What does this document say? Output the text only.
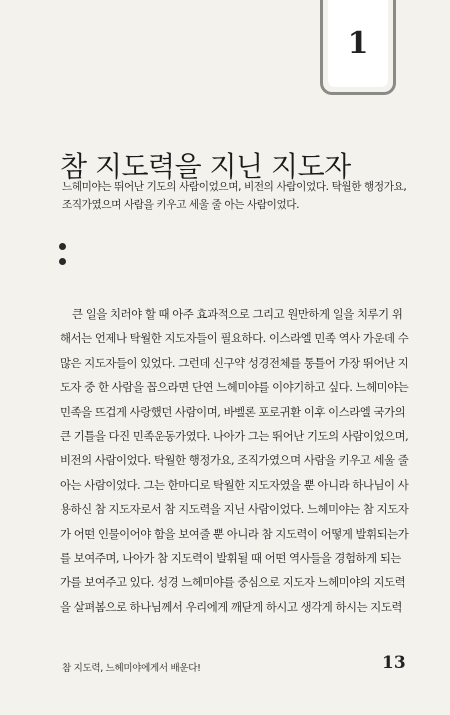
1
참 지도력을 지닌 지도자
느헤미야는 뛰어난 기도의 사람이었으며, 비전의 사람이었다. 탁월한 행정가요,
조직가였으며 사람을 키우고 세울 줄 아는 사람이었다.
큰 일을 치러야 할 때 아주 효과적으로 그리고 원만하게 일을 치루기 위
해서는 언제나 탁월한 지도자들이 필요하다. 이스라엘 민족 역사 가운데 수
많은 지도자들이 있었다. 그런데 신구약 성경전체를 통틀어 가장 뛰어난 지
도자 중 한 사람을 꼽으라면 단연 느헤미야를 이야기하고 싶다. 느헤미야는
민족을 뜨겁게 사랑했던 사람이며, 바벨론 포로귀환 이후 이스라엘 국가의
큰 기틀을 다진 민족운동가였다. 나아가 그는 뛰어난 기도의 사람이었으며,
비전의 사람이었다. 탁월한 행정가요, 조직가였으며 사람을 키우고 세울 줄
아는 사람이었다. 그는 한마디로 탁월한 지도자였을 뿐 아니라 하나님이 사
용하신 참 지도자로서 참 지도력을 지닌 사람이었다. 느헤미야는 참 지도자
가 어떤 인물이어야 함을 보여줄 뿐 아니라 참 지도력이 어떻게 발휘되는가
를 보여주며, 나아가 참 지도력이 발휘될 때 어떤 역사들을 경험하게 되는
가를 보여주고 있다. 성경 느헤미야를 중심으로 지도자 느헤미야의 지도력
을 살펴봄으로 하나님께서 우리에게 깨닫게 하시고 생각게 하시는 지도력
참 지도력, 느헤미야에게서 배운다!	13
